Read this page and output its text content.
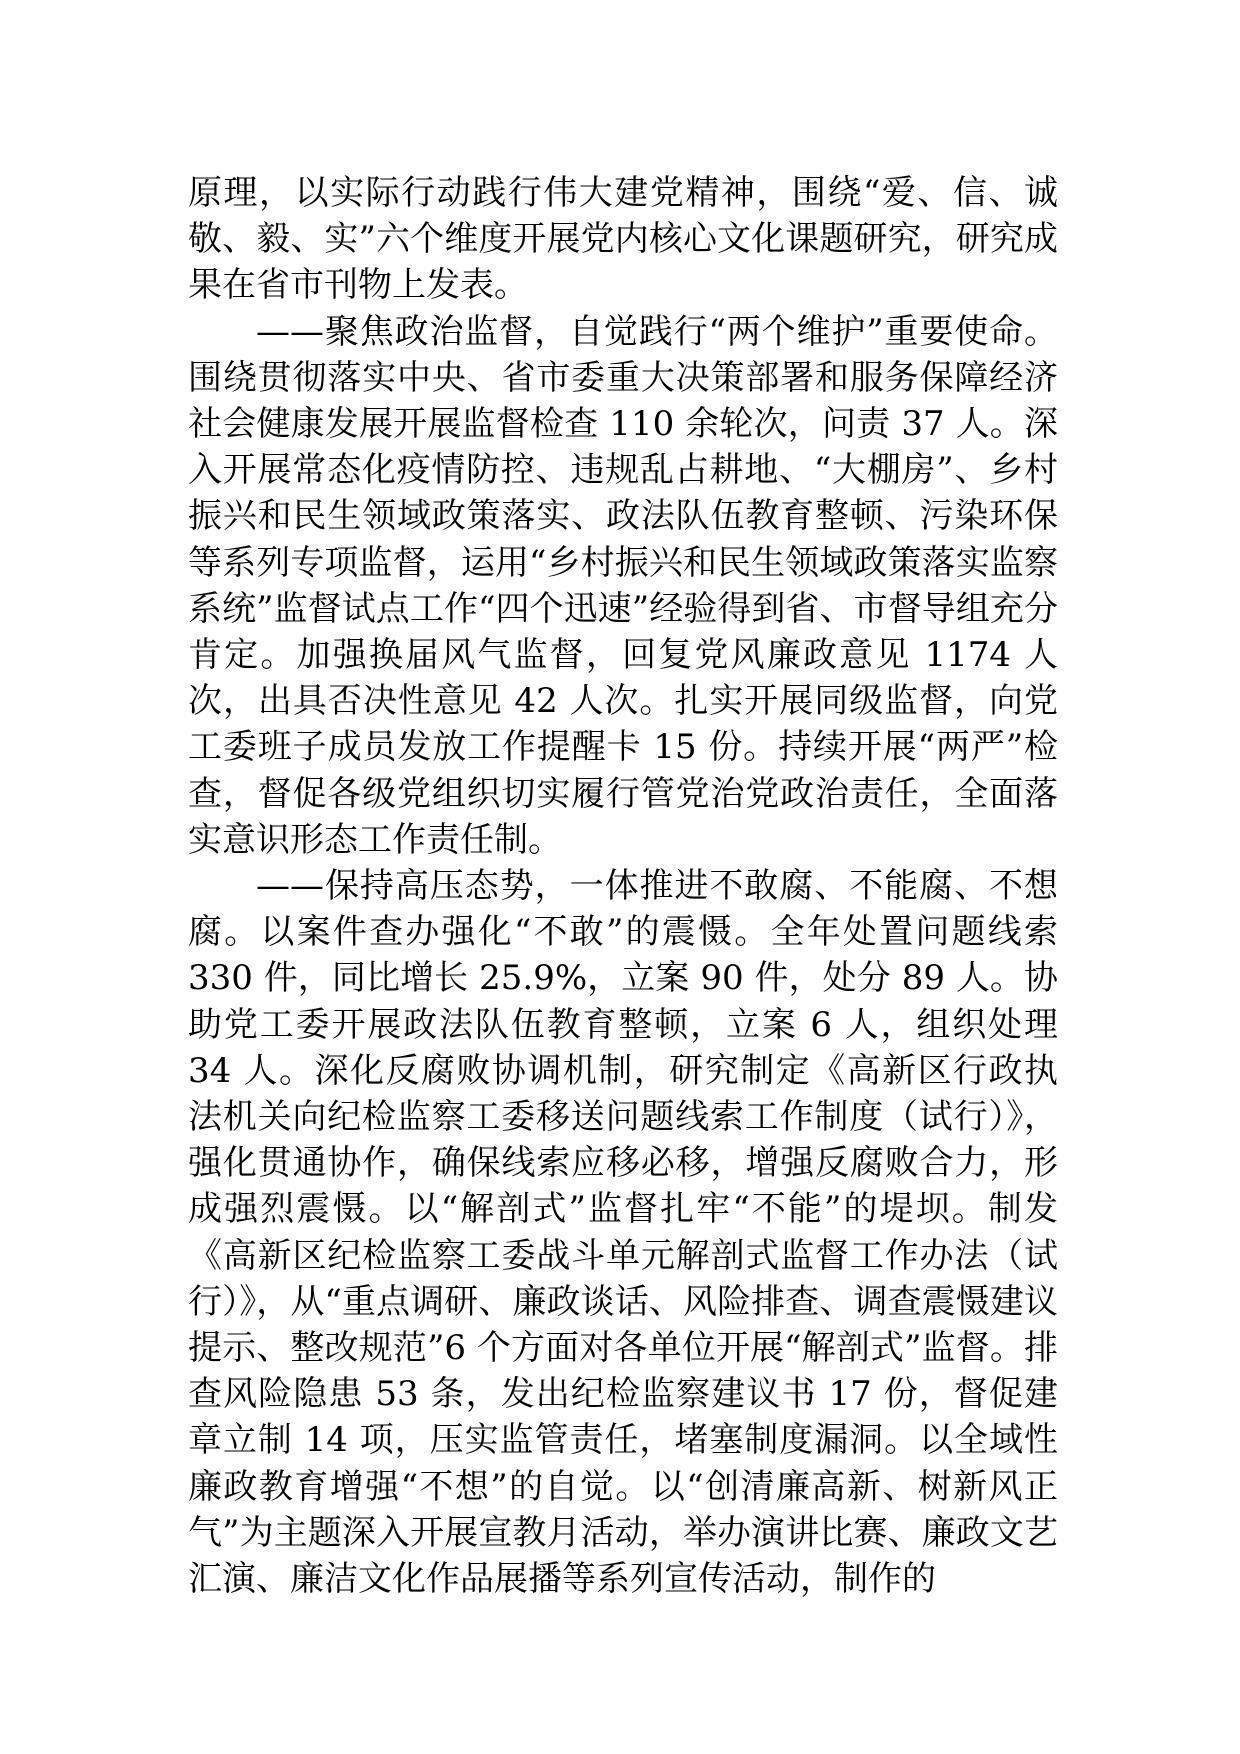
原理，以实际行动践行伟大建党精神，围绕“爱、信、诚敬、毅、实”六个维度开展党内核心文化课题研究，研究成果在省市刊物上发表。

——聚焦政治监督，自觉践行“两个维护”重要使命。围绕贯彻落实中央、省市委重大决策部署和服务保障经济社会健康发展开展监督检查 110 余轮次，问责 37 人。深入开展常态化疫情防控、违规乱占耕地、“大棚房”、乡村振兴和民生领域政策落实、政法队伍教育整顿、污染环保等系列专项监督，运用“乡村振兴和民生领域政策落实监察系统”监督试点工作“四个迅速”经验得到省、市督导组充分肯定。加强换届风气监督，回复党风廉政意见 1174 人次，出具否决性意见 42 人次。扎实开展同级监督，向党工委班子成员发放工作提醒卡 15 份。持续开展“两严”检查，督促各级党组织切实履行管党治党政治责任，全面落实意识形态工作责任制。

——保持高压态势，一体推进不敢腐、不能腐、不想腐。以案件查办强化“不敢”的震慑。全年处置问题线索 330 件，同比增长 25.9%，立案 90 件，处分 89 人。协助党工委开展政法队伍教育整顿，立案 6 人，组织处理 34 人。深化反腐败协调机制，研究制定《高新区行政执法机关向纪检监察工委移送问题线索工作制度（试行）》，强化贯通协作，确保线索应移必移，增强反腐败合力，形成强烈震慑。以“解剖式”监督扎牢“不能”的堤坝。制发《高新区纪检监察工委战斗单元解剖式监督工作办法（试行）》，从“重点调研、廉政谈话、风险排查、调查震慑建议提示、整改规范”6 个方面对各单位开展“解剖式”监督。排查风险隐患 53 条，发出纪检监察建议书 17 份，督促建章立制 14 项，压实监管责任，堵塞制度漏洞。以全域性廉政教育增强“不想”的自觉。以“创清廉高新、树新风正气”为主题深入开展宣教月活动，举办演讲比赛、廉政文艺汇演、廉洁文化作品展播等系列宣传活动，制作的
